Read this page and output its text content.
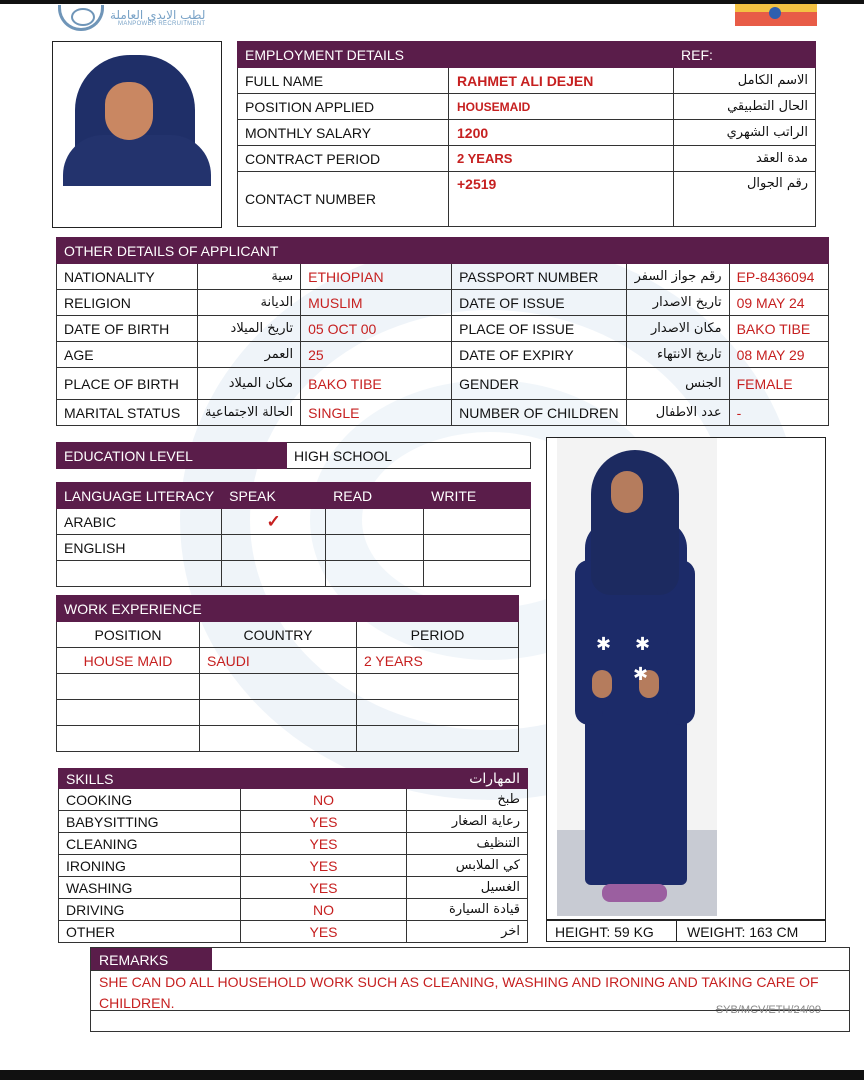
لطب الايدي العاملة
MANPOWER RECRUITMENT
EMPLOYMENT DETAILS		REF:
FULL NAME	RAHMET ALI DEJEN	الاسم الكامل
POSITION APPLIED	HOUSEMAID	الحال التطبيقي
MONTHLY SALARY	1200	الراتب الشهري
CONTRACT PERIOD	2 YEARS	مدة العقد
CONTACT NUMBER	+2519	رقم الجوال
OTHER DETAILS OF APPLICANT					
NATIONALITY	سية	ETHIOPIAN	PASSPORT NUMBER	رقم جواز السفر	EP-8436094
RELIGION	الديانة	MUSLIM	DATE OF ISSUE	تاريخ الاصدار	09 MAY 24
DATE OF BIRTH	تاريخ الميلاد	05 OCT 00	PLACE OF ISSUE	مكان الاصدار	BAKO TIBE
AGE	العمر	25	DATE OF EXPIRY	تاريخ الانتهاء	08 MAY 29
PLACE OF BIRTH	مكان الميلاد	BAKO TIBE	GENDER	الجنس	FEMALE
MARITAL STATUS	الحالة الاجتماعية	SINGLE	NUMBER OF CHILDREN	عدد الاطفال	-
EDUCATION LEVEL	HIGH SCHOOL
LANGUAGE LITERACY	SPEAK	READ	WRITE
ARABIC	✓		
ENGLISH			

WORK EXPERIENCE		
POSITION	COUNTRY	PERIOD
HOUSE MAID	SAUDI	2 YEARS

SKILLS		المهارات
COOKING	NO	طبخ
BABYSITTING	YES	رعاية الصغار
CLEANING	YES	التنظيف
IRONING	YES	كي الملابس
WASHING	YES	الغسيل
DRIVING	NO	قيادة السيارة
OTHER	YES	اخر
✱ ✱
✱
HEIGHT: 59 KG WEIGHT: 163 CM
REMARKS
SHE CAN DO ALL HOUSEHOLD WORK SUCH AS CLEANING, WASHING AND IRONING AND TAKING CARE OF CHILDREN.	SYB/MCV/ETH/24/09
